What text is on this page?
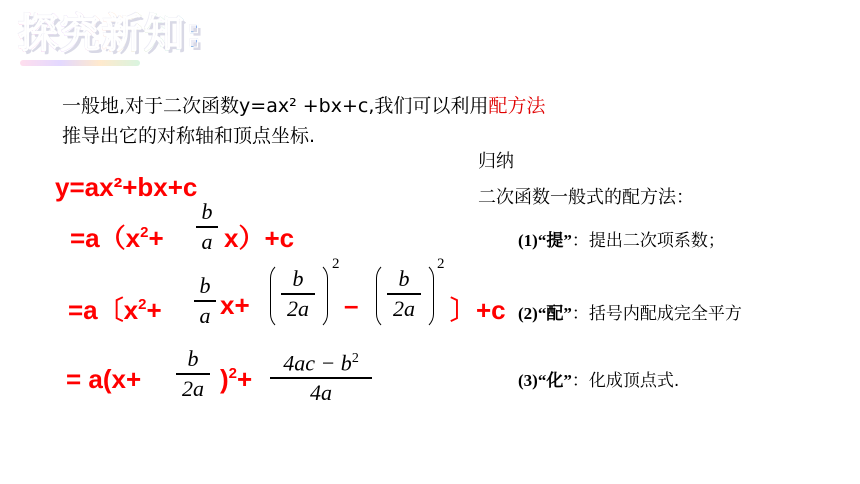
探究新知:
一般地,对于二次函数y=ax² +bx+c,我们可以利用配方法
推导出它的对称轴和顶点坐标.
y=ax²+bx+c
$=a(x^2+$
b
a x）+c
=a〔$x^2+$
b
a x+
b
2a
2
–
b
2a
2
〕+c
= a(x+
b
2a )$^2$+
$4ac - b^2$
4a
归纳
二次函数一般式的配方法：
(1)“提”：提出二次项系数；
(2)“配”：括号内配成完全平方
(3)“化”：化成顶点式.
